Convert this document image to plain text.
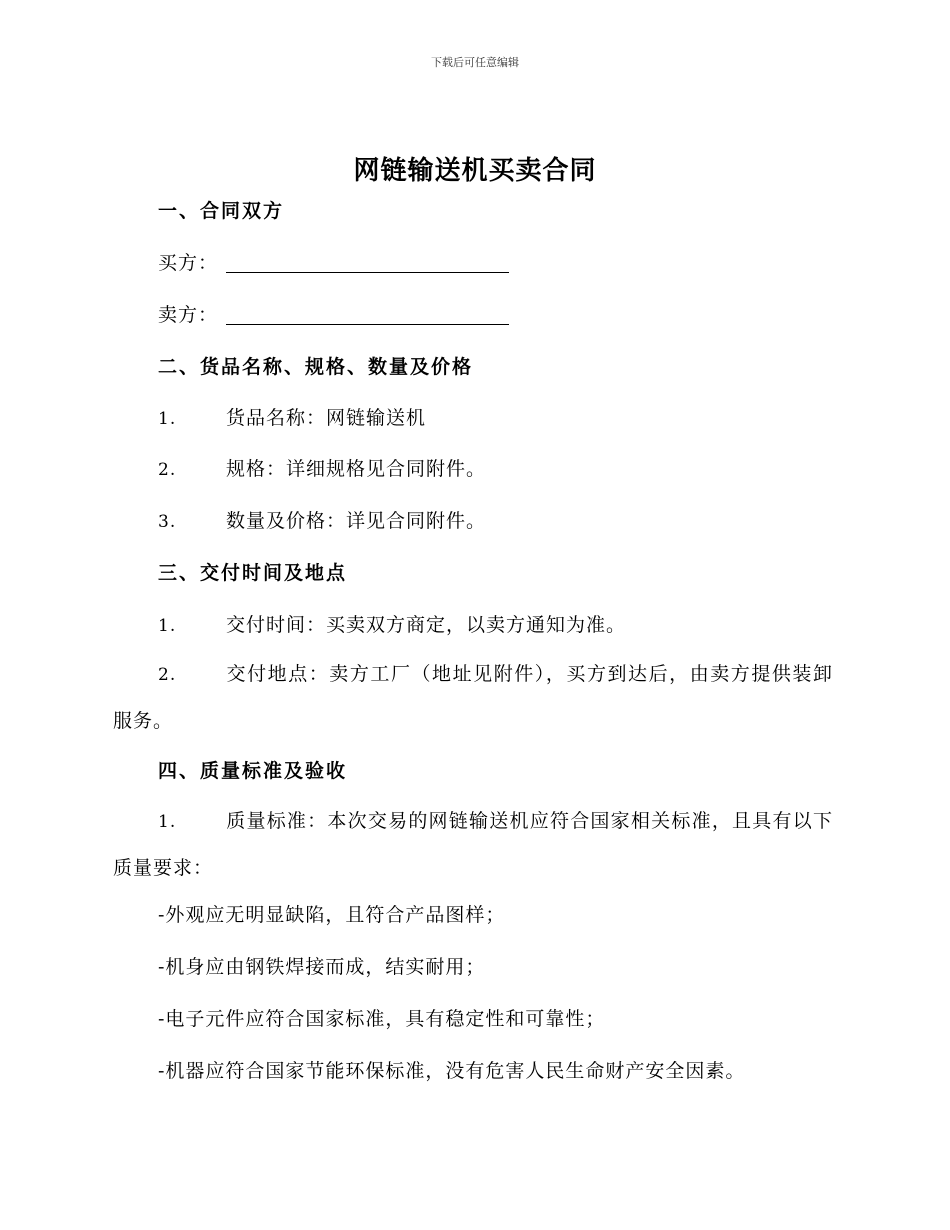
下载后可任意编辑
网链输送机买卖合同
一、合同双方
买方：
卖方：
二、货品名称、规格、数量及价格
1.	货品名称：网链输送机
2.	规格：详细规格见合同附件。
3.	数量及价格：详见合同附件。
三、交付时间及地点
1.	交付时间：买卖双方商定，以卖方通知为准。
2.	交付地点：卖方工厂（地址见附件），买方到达后，由卖方提供装卸服务。
四、质量标准及验收
1.	质量标准：本次交易的网链输送机应符合国家相关标准，且具有以下质量要求：
-外观应无明显缺陷，且符合产品图样；
-机身应由钢铁焊接而成，结实耐用；
-电子元件应符合国家标准，具有稳定性和可靠性；
-机器应符合国家节能环保标准，没有危害人民生命财产安全因素。
